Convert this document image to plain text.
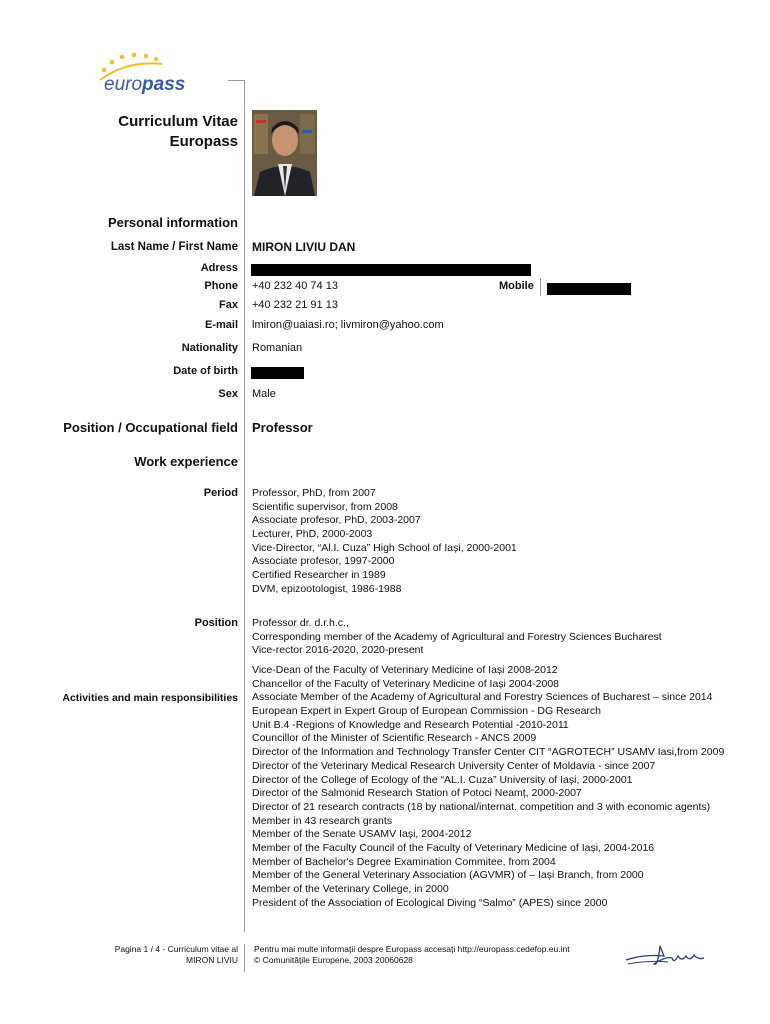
europass
Curriculum Vitae
Europass
Personal information
Last Name / First Name MIRON LIVIU DAN
Adress
Phone +40 232 40 74 13	Mobile
Fax +40 232 21 91 13
E-mail lmiron@uaiasi.ro; livmiron@yahoo.com
Nationality Romanian
Date of birth
Sex Male
Position / Occupational field Professor
Work experience
Period Professor, PhD, from 2007
Scientific supervisor, from 2008
Associate profesor, PhD, 2003-2007
Lecturer, PhD, 2000-2003
Vice-Director, “Al.I. Cuza” High School of Iași, 2000-2001
Associate profesor, 1997-2000
Certified Researcher in 1989
DVM, epizootologist, 1986-1988
Position Professor dr. d.r.h.c.,
Corresponding member of the Academy of Agricultural and Forestry Sciences Bucharest
Vice-rector 2016-2020, 2020-present
Activities and main responsibilities
Vice-Dean of the Faculty of Veterinary Medicine of Iași 2008-2012
Chancellor of the Faculty of Veterinary Medicine of Iași 2004-2008
Associate Member of the Academy of Agricultural and Forestry Sciences of Bucharest – since 2014
European Expert in Expert Group of European Commission - DG Research
Unit B.4 -Regions of Knowledge and Research Potential -2010-2011
Councillor of the Minister of Scientific Research - ANCS 2009
Director of the Information and Technology Transfer Center CIT “AGROTECH” USAMV Iasi,from 2009
Director of the Veterinary Medical Research University Center of Moldavia - since 2007
Director of the College of Ecology of the “AL.I. Cuza” University of Iași, 2000-2001
Director of the Salmonid Research Station of Potoci Neamț, 2000-2007
Director of 21 research contracts (18 by national/internat. competition and 3 with economic agents)
Member in 43 research grants
Member of the Senate USAMV Iași, 2004-2012
Member of the Faculty Council of the Faculty of Veterinary Medicine of Iași, 2004-2016
Member of Bachelor's Degree Examination Commitee, from 2004
Member of the General Veterinary Association (AGVMR) of – Iași Branch, from 2000
Member of the Veterinary College, in 2000
President of the Association of Ecological Diving “Salmo” (APES) since 2000
Pagina 1 / 4 - Curriculum vitae al
MIRON LIVIU
Pentru mai multe informații despre Europass accesați http://europass.cedefop.eu.int
© Comunitățile Europene, 2003 20060628
